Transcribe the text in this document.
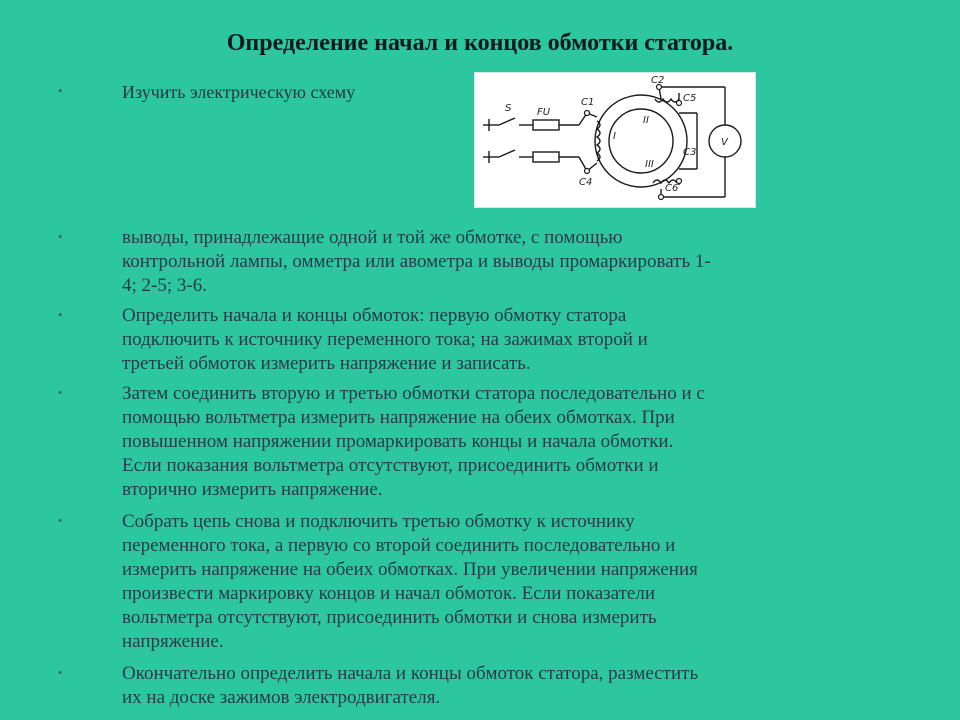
Определение начал и концов обмотки статора.
•	Изучить электрическую схему
•	выводы, принадлежащие одной и той же обмотке, с помощью
контрольной лампы, омметра или авометра и выводы промаркировать 1-
4; 2-5; 3-6.
•	Определить начала и концы обмоток: первую обмотку статора
подключить к источнику переменного тока; на зажимах второй и
третьей обмоток измерить напряжение и записать.
•	Затем соединить вторую и третью обмотки статора последовательно и с
помощью вольтметра измерить напряжение на обеих обмотках. При
повышенном напряжении промаркировать концы и начала обмотки.
Если показания вольтметра отсутствуют, присоединить обмотки и
вторично измерить напряжение.
•	Собрать цепь снова и подключить третью обмотку к источнику
переменного тока, а первую со второй соединить последовательно и
измерить напряжение на обеих обмотках. При увеличении напряжения
произвести маркировку концов и начал обмоток. Если показатели
вольтметра отсутствуют, присоединить обмотки и снова измерить
напряжение.
•	Окончательно определить начала и концы обмоток статора, разместить
их на доске зажимов электродвигателя.
S	FU
C1
C2
C5
C3
C4
C6
I
II
III
V
